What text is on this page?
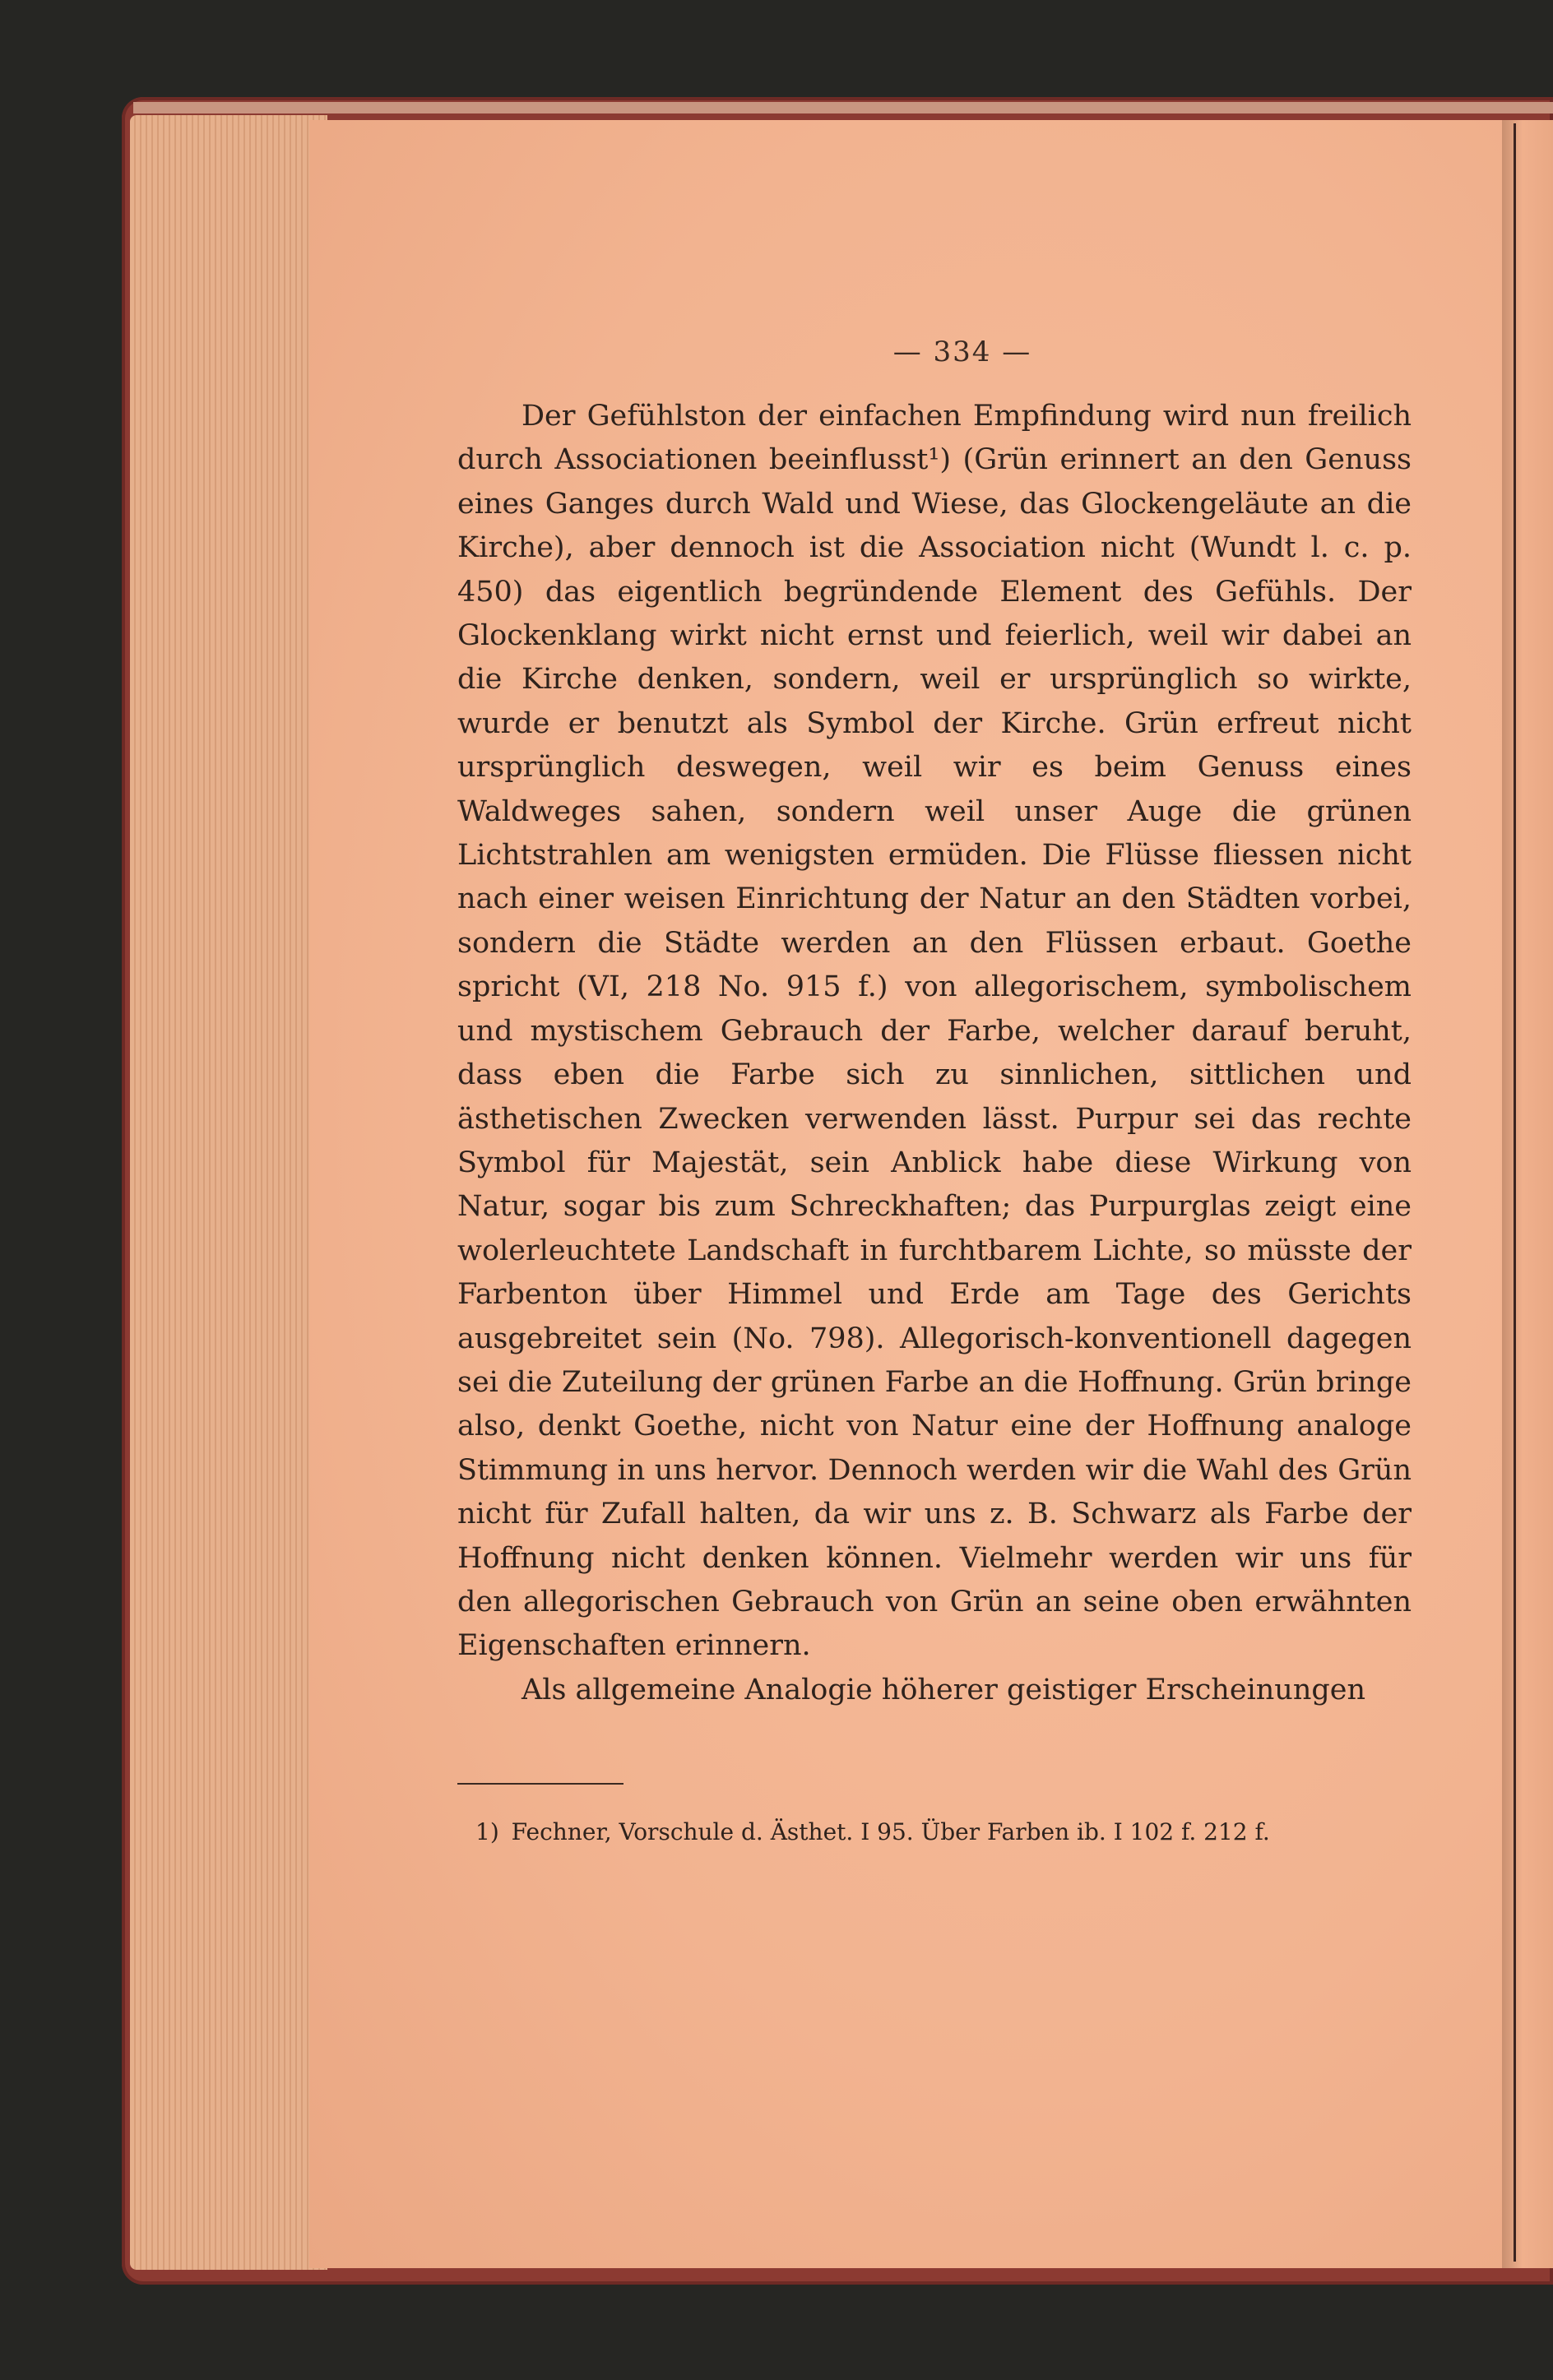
— 334 —

Der Gefühlston der einfachen Empfindung wird nun freilich durch Associationen beeinflusst¹) (Grün erinnert an den Genuss eines Ganges durch Wald und Wiese, das Glockengeläute an die Kirche), aber dennoch ist die Association nicht (Wundt l. c. p. 450) das eigentlich begründende Element des Gefühls. Der Glockenklang wirkt nicht ernst und feierlich, weil wir dabei an die Kirche denken, sondern, weil er ursprünglich so wirkte, wurde er benutzt als Symbol der Kirche. Grün erfreut nicht ursprünglich deswegen, weil wir es beim Genuss eines Waldweges sahen, sondern weil unser Auge die grünen Lichtstrahlen am wenigsten ermüden. Die Flüsse fliessen nicht nach einer weisen Einrichtung der Natur an den Städten vorbei, sondern die Städte werden an den Flüssen erbaut. Goethe spricht (VI, 218 No. 915 f.) von allegorischem, symbolischem und mystischem Gebrauch der Farbe, welcher darauf beruht, dass eben die Farbe sich zu sinnlichen, sittlichen und ästhetischen Zwecken verwenden lässt. Purpur sei das rechte Symbol für Majestät, sein Anblick habe diese Wirkung von Natur, sogar bis zum Schreckhaften; das Purpurglas zeigt eine wolerleuchtete Landschaft in furchtbarem Lichte, so müsste der Farbenton über Himmel und Erde am Tage des Gerichts ausgebreitet sein (No. 798). Allegorisch-konventionell dagegen sei die Zuteilung der grünen Farbe an die Hoffnung. Grün bringe also, denkt Goethe, nicht von Natur eine der Hoffnung analoge Stimmung in uns hervor. Dennoch werden wir die Wahl des Grün nicht für Zufall halten, da wir uns z. B. Schwarz als Farbe der Hoffnung nicht denken können. Vielmehr werden wir uns für den allegorischen Gebrauch von Grün an seine oben erwähnten Eigenschaften erinnern.

Als allgemeine Analogie höherer geistiger Erscheinungen

1) Fechner, Vorschule d. Ästhet. I 95. Über Farben ib. I 102 f. 212 f.
